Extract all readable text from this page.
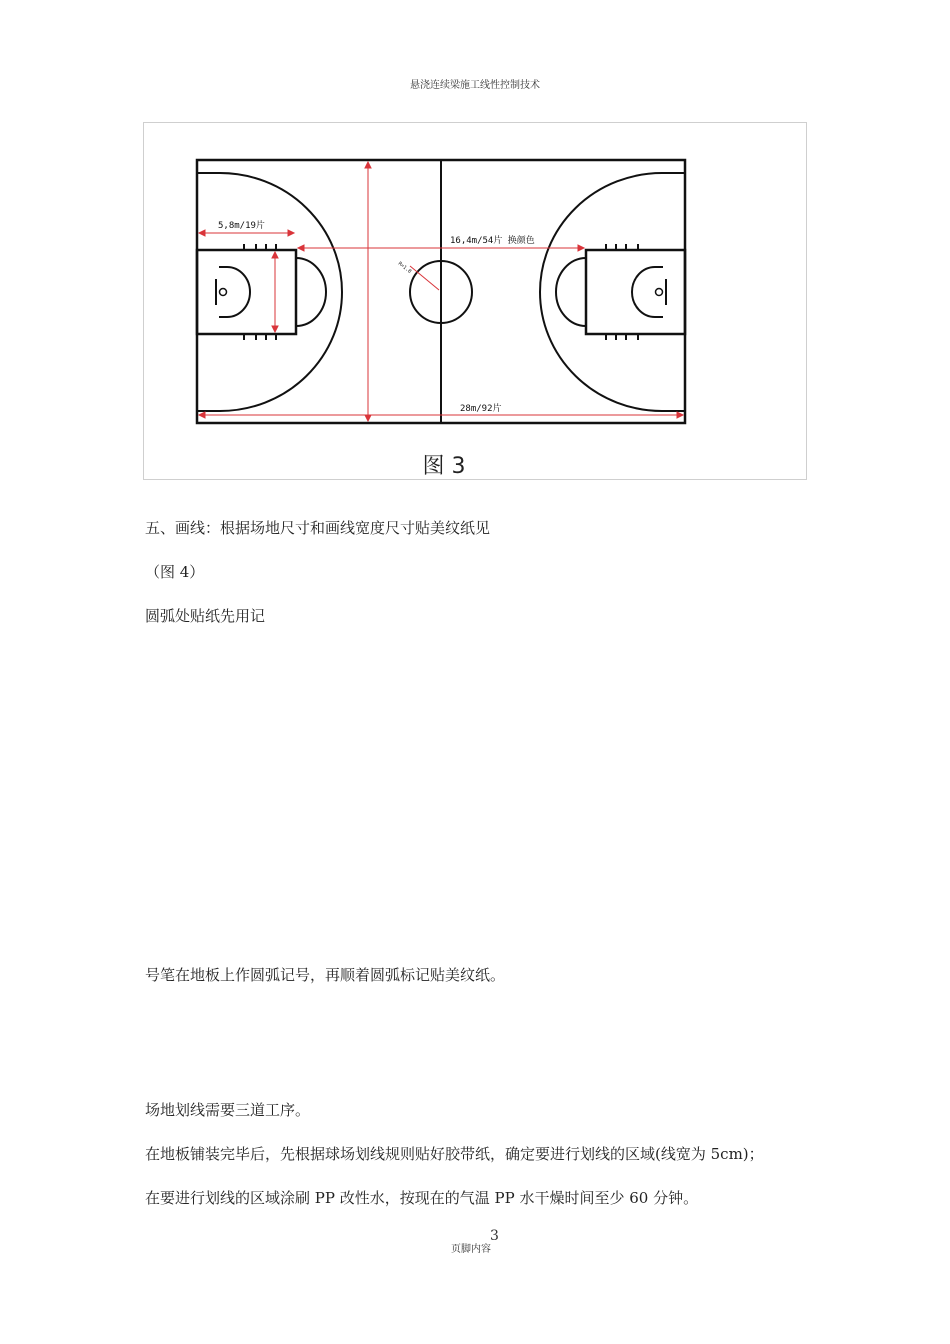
悬浇连续梁施工线性控制技术
5,8m/19片
16,4m/54片 换颜色
28m/92片
R=1.8
图 3
五、画线：根据场地尺寸和画线宽度尺寸贴美纹纸见
（图 4）
圆弧处贴纸先用记
号笔在地板上作圆弧记号，再顺着圆弧标记贴美纹纸。
场地划线需要三道工序。
在地板铺装完毕后，先根据球场划线规则贴好胶带纸，确定要进行划线的区域(线宽为 5cm)；
在要进行划线的区域涂刷 PP 改性水，按现在的气温 PP 水干燥时间至少 60 分钟。
页脚内容
3
